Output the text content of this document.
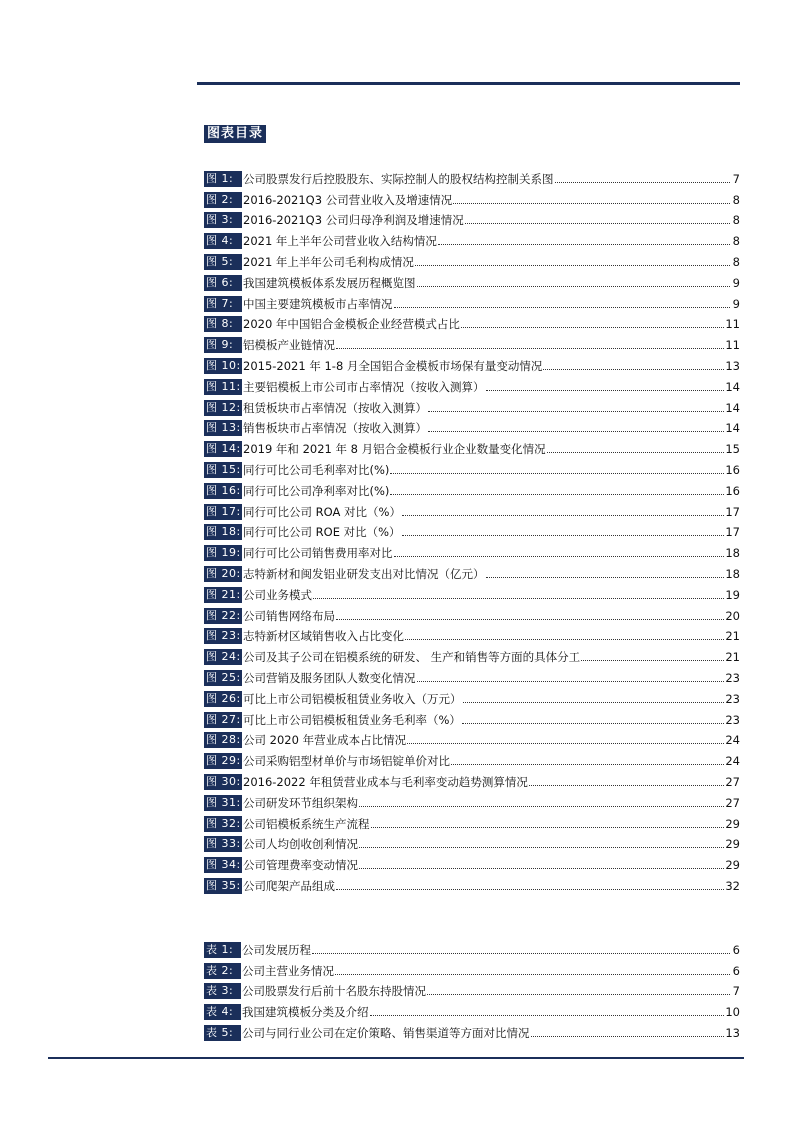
图表目录
图 1: 公司股票发行后控股股东、实际控制人的股权结构控制关系图	7
图 2: 2016-2021Q3 公司营业收入及增速情况	8
图 3: 2016-2021Q3 公司归母净利润及增速情况	8
图 4: 2021 年上半年公司营业收入结构情况	8
图 5: 2021 年上半年公司毛利构成情况	8
图 6: 我国建筑模板体系发展历程概览图	9
图 7: 中国主要建筑模板市占率情况	9
图 8: 2020 年中国铝合金模板企业经营模式占比	11
图 9: 铝模板产业链情况	11
图 10: 2015-2021 年 1-8 月全国铝合金模板市场保有量变动情况	13
图 11: 主要铝模板上市公司市占率情况（按收入测算）	14
图 12: 租赁板块市占率情况（按收入测算）	14
图 13: 销售板块市占率情况（按收入测算）	14
图 14: 2019 年和 2021 年 8 月铝合金模板行业企业数量变化情况	15
图 15: 同行可比公司毛利率对比(%)	16
图 16: 同行可比公司净利率对比(%)	16
图 17: 同行可比公司 ROA 对比（%）	17
图 18: 同行可比公司 ROE 对比（%）	17
图 19: 同行可比公司销售费用率对比	18
图 20: 志特新材和闽发铝业研发支出对比情况（亿元）	18
图 21: 公司业务模式	19
图 22: 公司销售网络布局	20
图 23: 志特新材区域销售收入占比变化	21
图 24: 公司及其子公司在铝模系统的研发、 生产和销售等方面的具体分工	21
图 25: 公司营销及服务团队人数变化情况	23
图 26: 可比上市公司铝模板租赁业务收入（万元）	23
图 27: 可比上市公司铝模板租赁业务毛利率（%）	23
图 28: 公司 2020 年营业成本占比情况	24
图 29: 公司采购铝型材单价与市场铝锭单价对比	24
图 30: 2016-2022 年租赁营业成本与毛利率变动趋势测算情况	27
图 31: 公司研发环节组织架构	27
图 32: 公司铝模板系统生产流程	29
图 33: 公司人均创收创利情况	29
图 34: 公司管理费率变动情况	29
图 35: 公司爬架产品组成	32
表 1: 公司发展历程	6
表 2: 公司主营业务情况	6
表 3: 公司股票发行后前十名股东持股情况	7
表 4: 我国建筑模板分类及介绍	10
表 5: 公司与同行业公司在定价策略、销售渠道等方面对比情况	13
